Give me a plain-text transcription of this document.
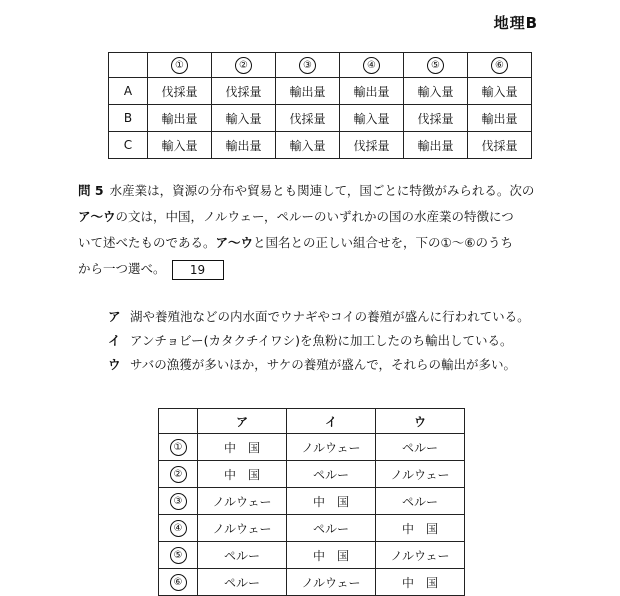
地理B
	①	②	③	④	⑤	⑥
A	伐採量	伐採量	輸出量	輸出量	輸入量	輸入量
B	輸出量	輸入量	伐採量	輸入量	伐採量	輸出量
C	輸入量	輸出量	輸入量	伐採量	輸出量	伐採量
問 5 水産業は，資源の分布や貿易とも関連して，国ごとに特徴がみられる。次の
ア～ウの文は，中国，ノルウェー，ペルーのいずれかの国の水産業の特徴につ
いて述べたものである。ア～ウと国名との正しい組合せを，下の①～⑥のうち
から一つ選べ。 19
ア 湖や養殖池などの内水面でウナギやコイの養殖が盛んに行われている。
イ アンチョビー(カタクチイワシ)を魚粉に加工したのち輸出している。
ウ サバの漁獲が多いほか，サケの養殖が盛んで，それらの輸出が多い。
	ア	イ	ウ
①	中　国	ノルウェー	ペルー
②	中　国	ペルー	ノルウェー
③	ノルウェー	中　国	ペルー
④	ノルウェー	ペルー	中　国
⑤	ペルー	中　国	ノルウェー
⑥	ペルー	ノルウェー	中　国
